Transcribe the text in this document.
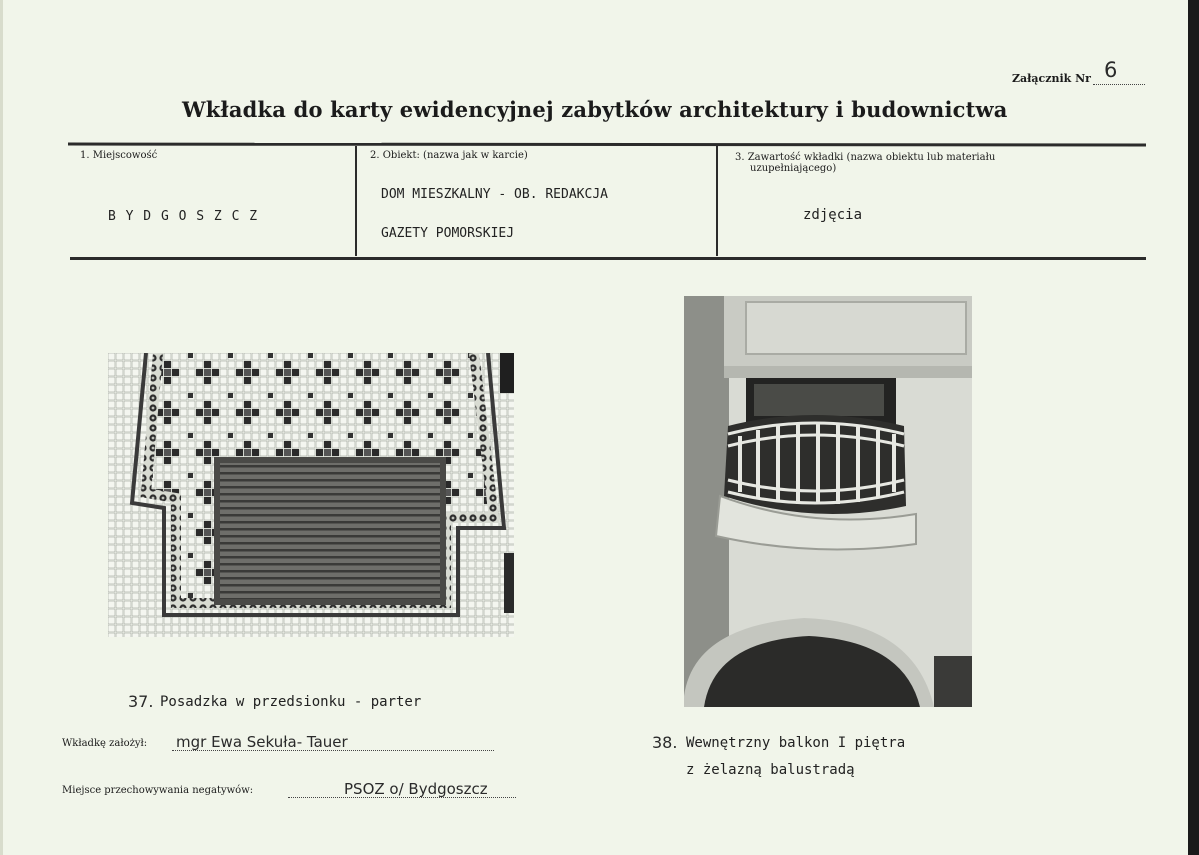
Załącznik Nr 6
Wkładka do karty ewidencyjnej zabytków architektury i budownictwa
1. Miejscowość
B Y D G O S Z C Z
2. Obiekt: (nazwa jak w karcie)
DOM MIESZKALNY - OB. REDAKCJA
GAZETY POMORSKIEJ
3. Zawartość wkładki (nazwa obiektu lub materiału
uzupełniającego)
zdjęcia
37. Posadzka w przedsionku - parter
38. Wewnętrzny balkon I piętra
z żelazną balustradą
Wkładkę założył: mgr Ewa Sekuła- Tauer
Miejsce przechowywania negatywów:	PSOZ o/ Bydgoszcz
